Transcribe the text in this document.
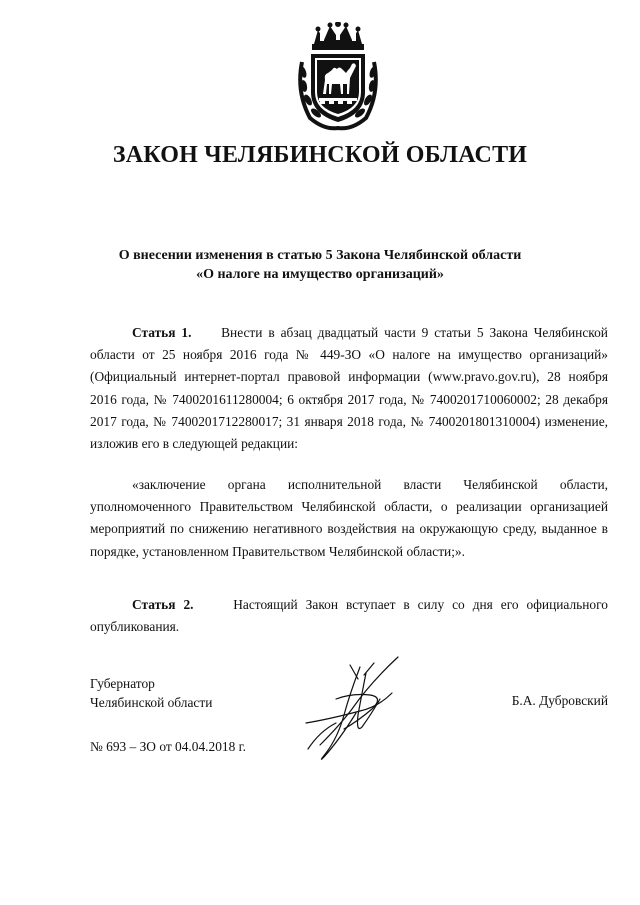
ЗАКОН ЧЕЛЯБИНСКОЙ ОБЛАСТИ
О внесении изменения в статью 5 Закона Челябинской области
«О налоге на имущество организаций»

Статья 1. Внести в абзац двадцатый части 9 статьи 5 Закона Челябинской области от 25 ноября 2016 года № 449-ЗО «О налоге на имущество организаций» (Официальный интернет-портал правовой информации (www.pravo.gov.ru), 28 ноября 2016 года, № 7400201611280004; 6 октября 2017 года, № 7400201710060002; 28 декабря 2017 года, № 7400201712280017; 31 января 2018 года, № 7400201801310004) изменение, изложив его в следующей редакции:

«заключение органа исполнительной власти Челябинской области, уполномоченного Правительством Челябинской области, о реализации организацией мероприятий по снижению негативного воздействия на окружающую среду, выданное в порядке, установленном Правительством Челябинской области;».

Статья 2.	Настоящий Закон вступает в силу со дня его официального опубликования.

Губернатор
Челябинской области	Б.А. Дубровский
№ 693 – ЗО от 04.04.2018 г.
